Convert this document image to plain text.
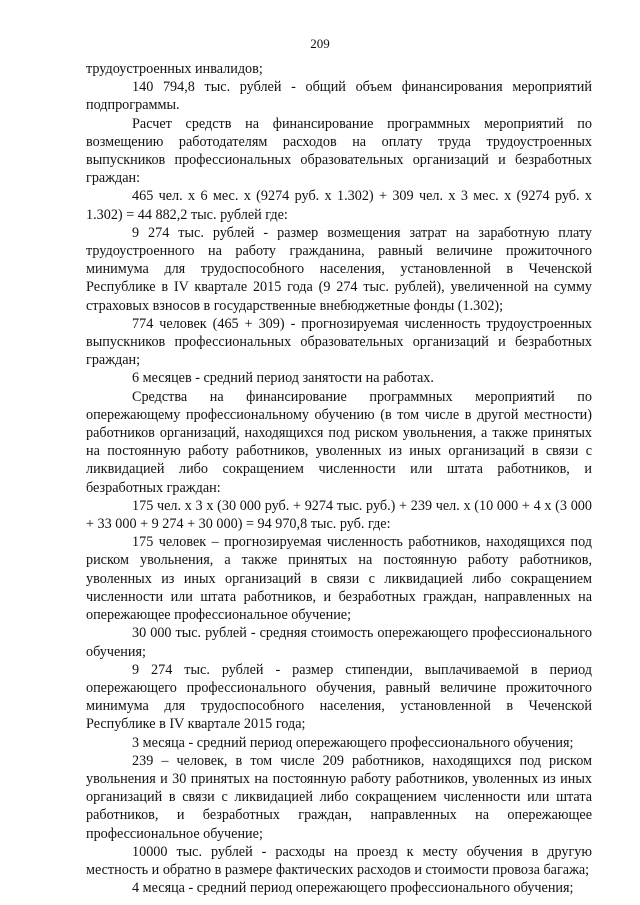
209

трудоустроенных инвалидов;

140 794,8 тыс. рублей - общий объем финансирования мероприятий подпрограммы.

Расчет средств на финансирование программных мероприятий по возмещению работодателям расходов на оплату труда трудоустроенных выпускников профессиональных образовательных организаций и безработных граждан:

465 чел. х 6 мес. х (9274 руб. х 1.302) + 309 чел. х 3 мес. х (9274 руб. х 1.302) = 44 882,2 тыс. рублей где:

9 274 тыс. рублей - размер возмещения затрат на заработную плату трудоустроенного на работу гражданина, равный величине прожиточного минимума для трудоспособного населения, установленной в Чеченской Республике в IV квартале 2015 года (9 274 тыс. рублей), увеличенной на сумму страховых взносов в государственные внебюджетные фонды (1.302);

774 человек (465 + 309) - прогнозируемая численность трудоустроенных выпускников профессиональных образовательных организаций и безработных граждан;

6 месяцев - средний период занятости на работах.

Средства на финансирование программных мероприятий по опережающему профессиональному обучению (в том числе в другой местности) работников организаций, находящихся под риском увольнения, а также принятых на постоянную работу работников, уволенных из иных организаций в связи с ликвидацией либо сокращением численности или штата работников, и безработных граждан:

175 чел. х 3 х (30 000 руб. + 9274 тыс. руб.) + 239 чел. х (10 000 + 4 х (3 000 + 33 000 + 9 274 + 30 000) = 94 970,8 тыс. руб. где:

175 человек – прогнозируемая численность работников, находящихся под риском увольнения, а также принятых на постоянную работу работников, уволенных из иных организаций в связи с ликвидацией либо сокращением численности или штата работников, и безработных граждан, направленных на опережающее профессиональное обучение;

30 000 тыс. рублей - средняя стоимость опережающего профессионального обучения;

9 274 тыс. рублей - размер стипендии, выплачиваемой в период опережающего профессионального обучения, равный величине прожиточного минимума для трудоспособного населения, установленной в Чеченской Республике в IV квартале 2015 года;

3 месяца - средний период опережающего профессионального обучения;

239 – человек, в том числе 209 работников, находящихся под риском увольнения и 30 принятых на постоянную работу работников, уволенных из иных организаций в связи с ликвидацией либо сокращением численности или штата работников, и безработных граждан, направленных на опережающее профессиональное обучение;

10000 тыс. рублей - расходы на проезд к месту обучения в другую местность и обратно в размере фактических расходов и стоимости провоза багажа;

4 месяца - средний период опережающего профессионального обучения;
